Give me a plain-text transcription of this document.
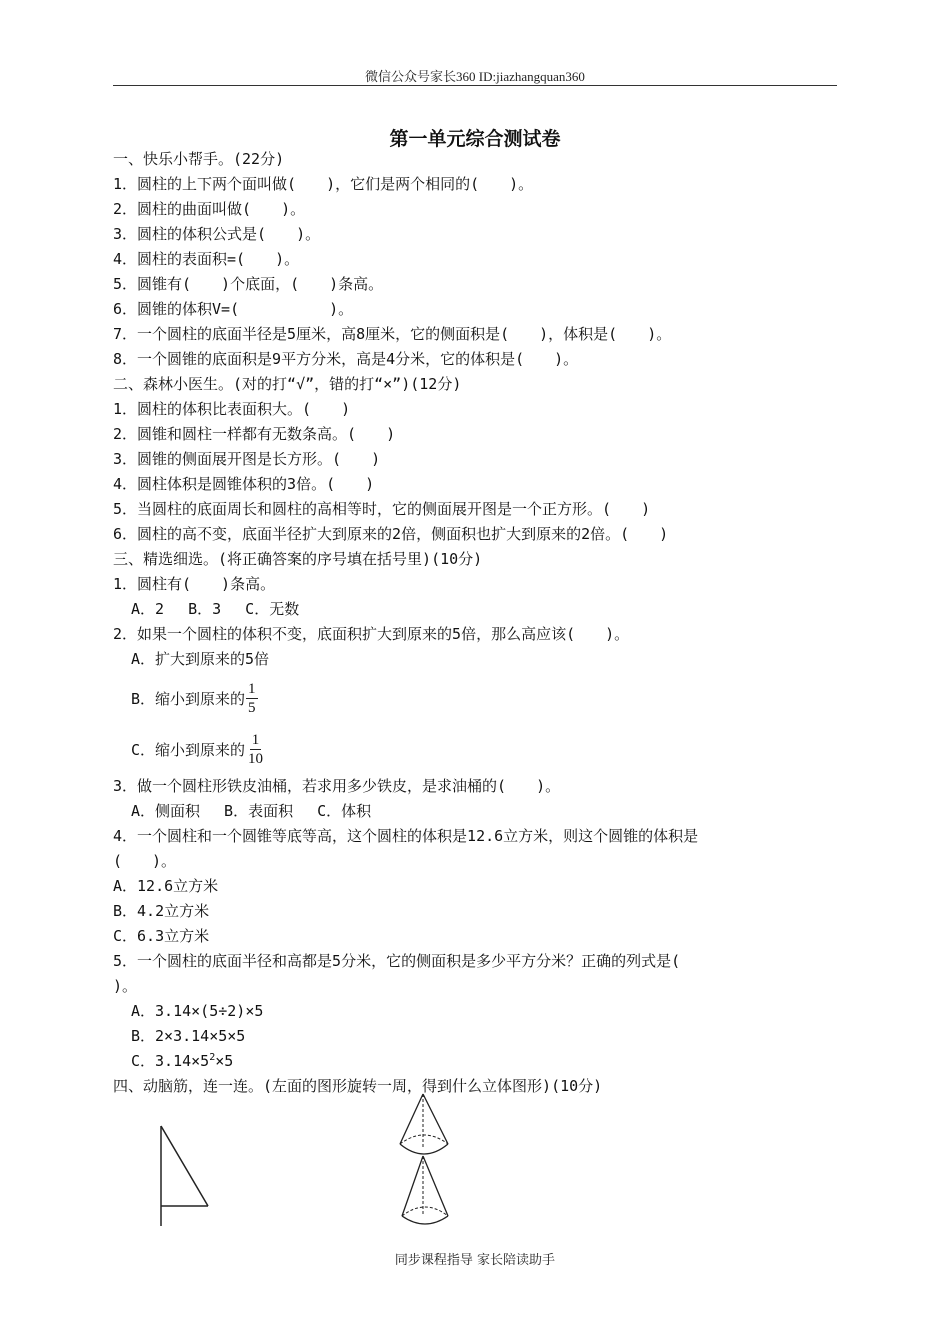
微信公众号家长360 ID:jiazhangquan360
第一单元综合测试卷
一、快乐小帮手。(22分)
1．圆柱的上下两个面叫做(　　)，它们是两个相同的(　　)。
2．圆柱的曲面叫做(　　)。
3．圆柱的体积公式是(　　)。
4．圆柱的表面积=(　　)。
5．圆锥有(　　)个底面，(　　)条高。
6．圆锥的体积V=(　　　　　　)。
7．一个圆柱的底面半径是5厘米，高8厘米，它的侧面积是(　　)，体积是(　　)。
8．一个圆锥的底面积是9平方分米，高是4分米，它的体积是(　　)。
二、森林小医生。(对的打“√”，错的打“×”)(12分)
1．圆柱的体积比表面积大。(　　)
2．圆锥和圆柱一样都有无数条高。(　　)
3．圆锥的侧面展开图是长方形。(　　)
4．圆柱体积是圆锥体积的3倍。(　　)
5．当圆柱的底面周长和圆柱的高相等时，它的侧面展开图是一个正方形。(　　)
6．圆柱的高不变，底面半径扩大到原来的2倍，侧面积也扩大到原来的2倍。(　　)
三、精选细选。(将正确答案的序号填在括号里)(10分)
1．圆柱有(　　)条高。
A．2　 B．3　 C．无数
2．如果一个圆柱的体积不变，底面积扩大到原来的5倍，那么高应该(　　)。
A．扩大到原来的5倍
B．缩小到原来的 $\frac{1}{5}$
C．缩小到原来的 $\frac{1}{10}$
3．做一个圆柱形铁皮油桶，若求用多少铁皮，是求油桶的(　　)。
A．侧面积　 B．表面积　 C．体积
4．一个圆柱和一个圆锥等底等高，这个圆柱的体积是12.6立方米，则这个圆锥的体积是
(　　)。
A．12.6立方米
B．4.2立方米
C．6.3立方米
5．一个圆柱的底面半径和高都是5分米，它的侧面积是多少平方分米？正确的列式是(
)。
A．3.14×(5÷2)×5
B．2×3.14×5×5
C．$3.14\times 5^2\times 5$
四、动脑筋，连一连。(左面的图形旋转一周，得到什么立体图形)(10分)
同步课程指导 家长陪读助手
